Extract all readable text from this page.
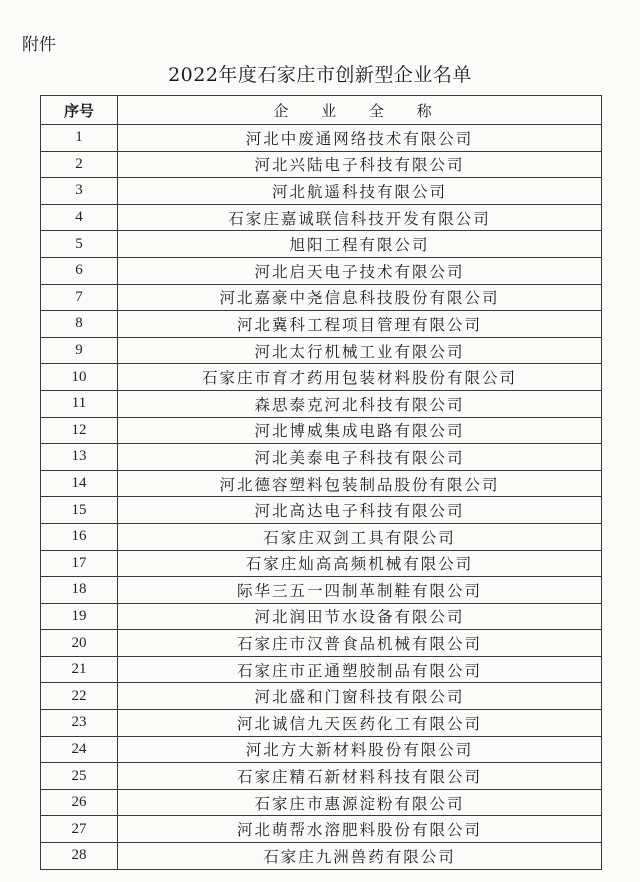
附件
2022年度石家庄市创新型企业名单
序号	企 业 全 称
1	河北中废通网络技术有限公司
2	河北兴陆电子科技有限公司
3	河北航遥科技有限公司
4	石家庄嘉诚联信科技开发有限公司
5	旭阳工程有限公司
6	河北启天电子技术有限公司
7	河北嘉豪中尧信息科技股份有限公司
8	河北冀科工程项目管理有限公司
9	河北太行机械工业有限公司
10	石家庄市育才药用包装材料股份有限公司
11	森思泰克河北科技有限公司
12	河北博威集成电路有限公司
13	河北美泰电子科技有限公司
14	河北德容塑料包装制品股份有限公司
15	河北高达电子科技有限公司
16	石家庄双剑工具有限公司
17	石家庄灿高高频机械有限公司
18	际华三五一四制革制鞋有限公司
19	河北润田节水设备有限公司
20	石家庄市汉普食品机械有限公司
21	石家庄市正通塑胶制品有限公司
22	河北盛和门窗科技有限公司
23	河北诚信九天医药化工有限公司
24	河北方大新材料股份有限公司
25	石家庄精石新材料科技有限公司
26	石家庄市惠源淀粉有限公司
27	河北萌帮水溶肥料股份有限公司
28	石家庄九洲兽药有限公司
